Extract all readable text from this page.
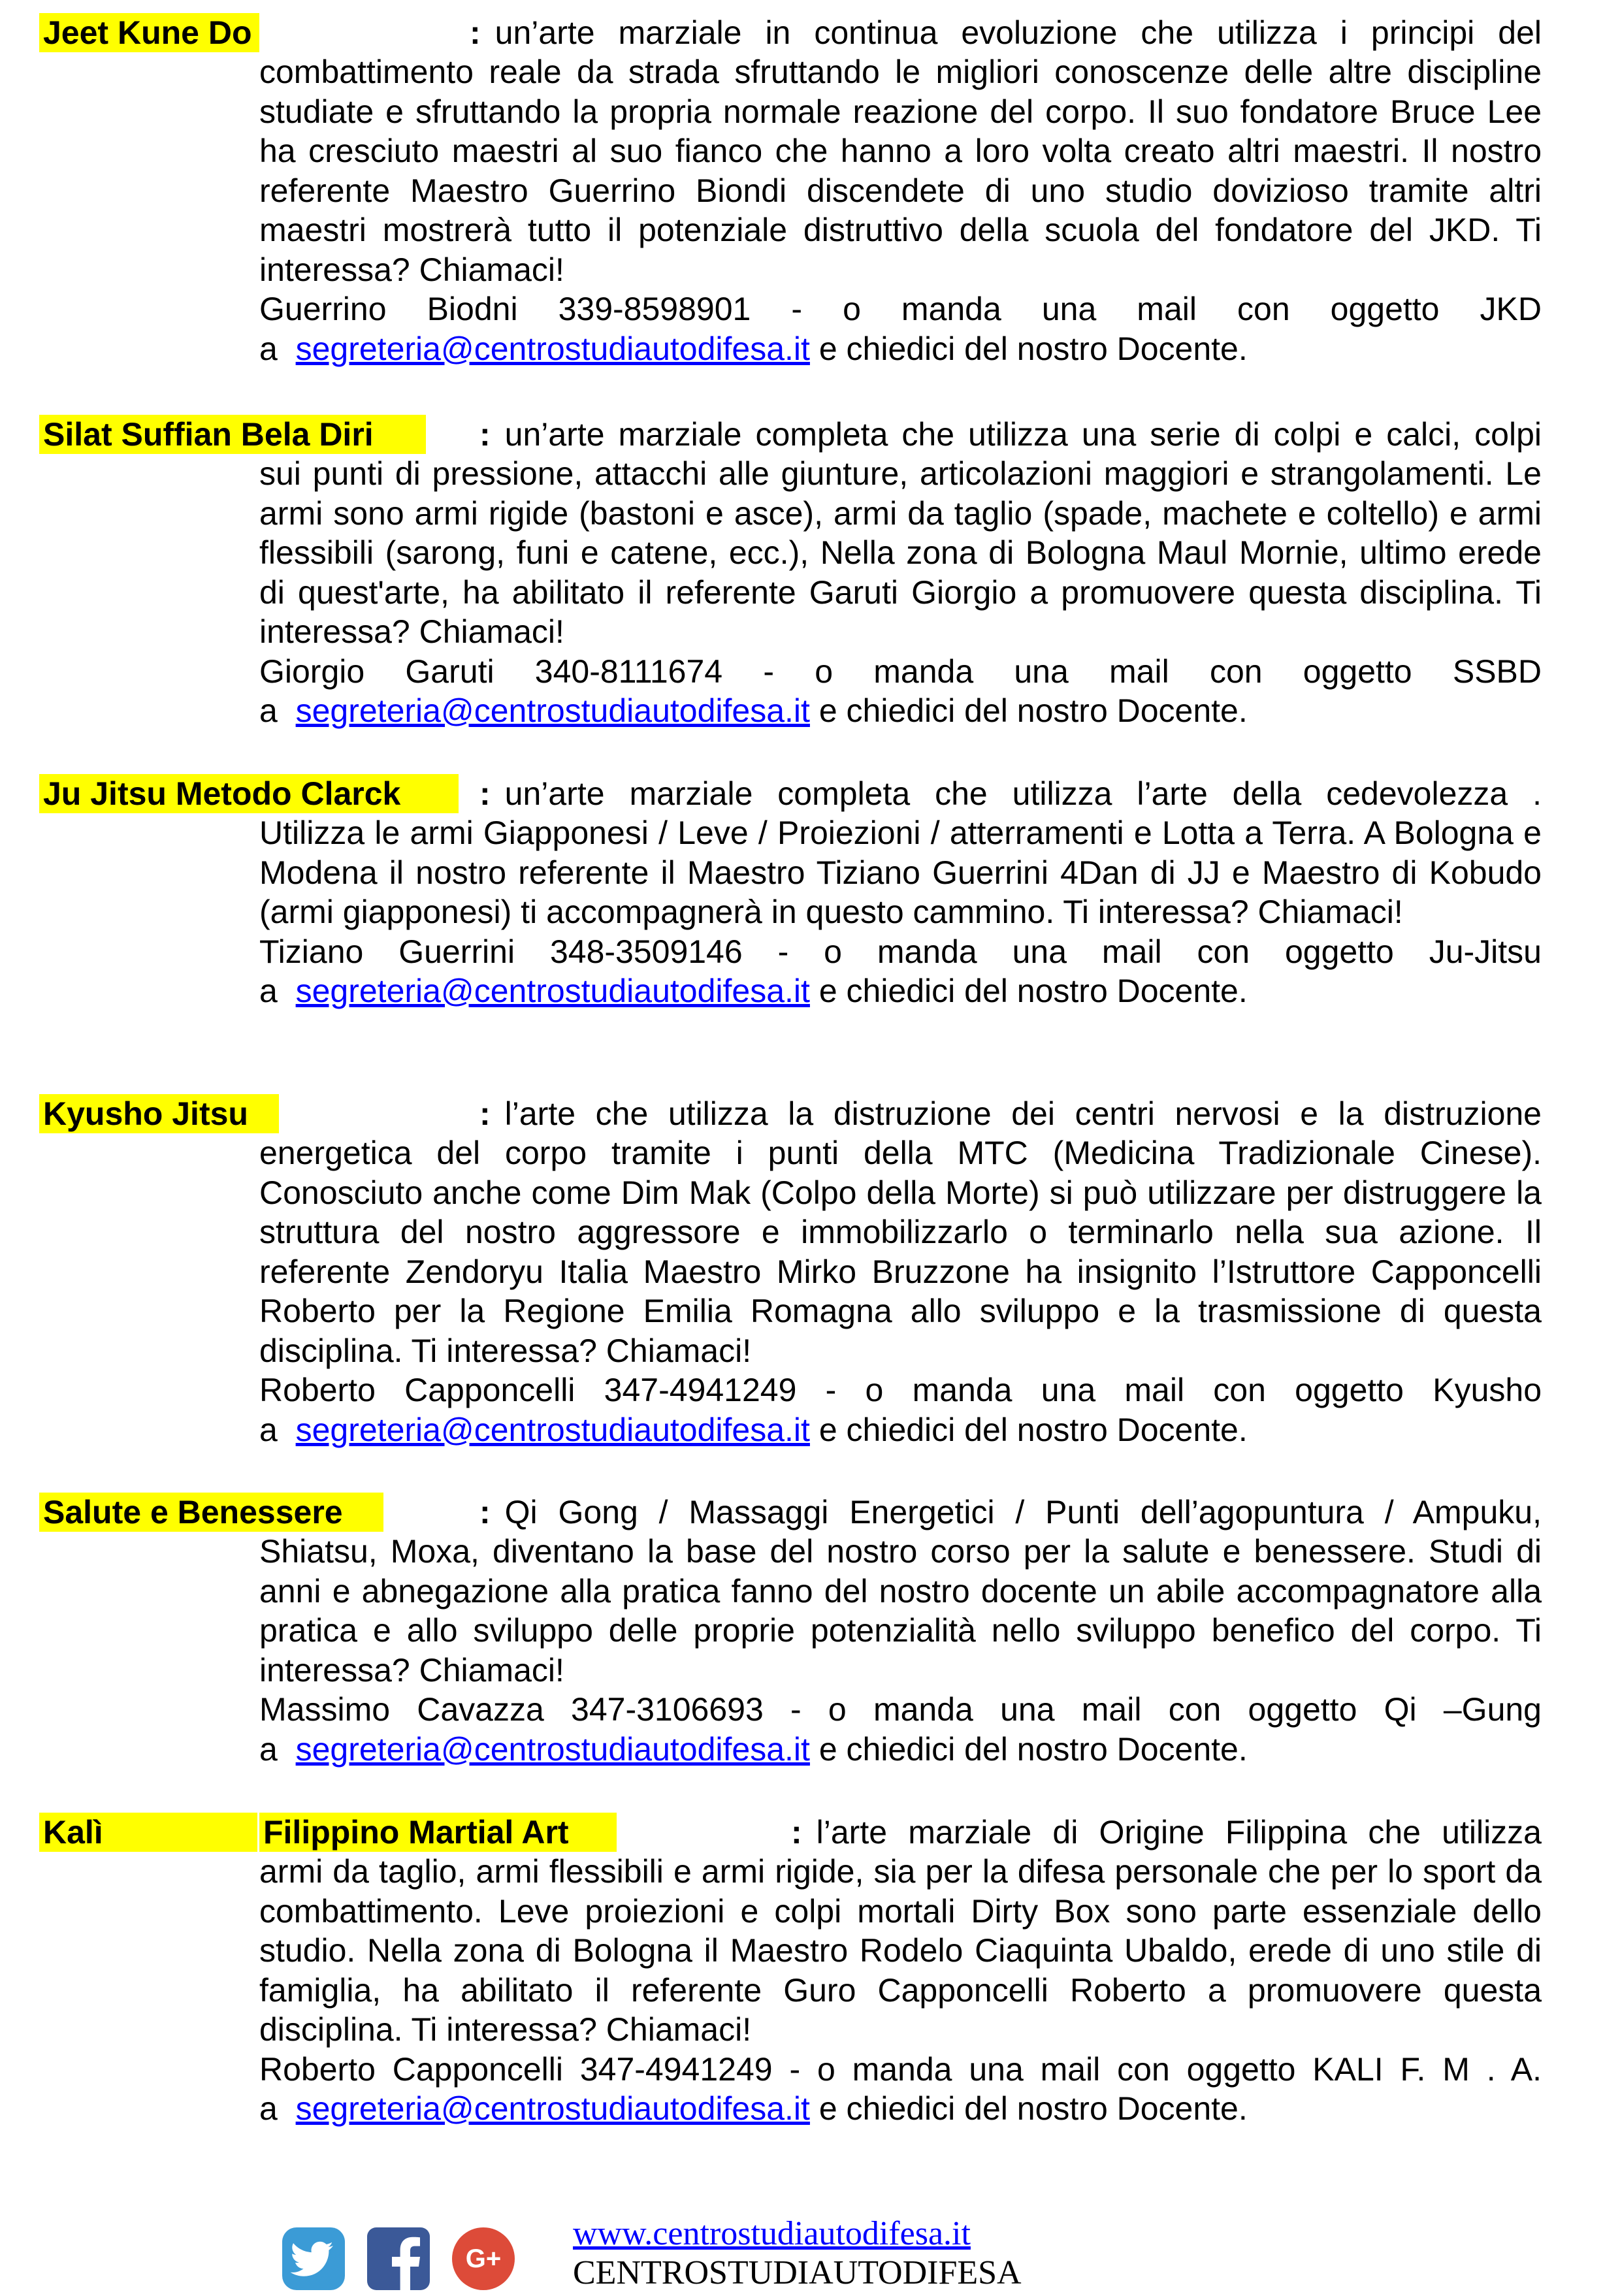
Jeet Kune Do	: un’arte marziale in continua evoluzione che utilizza i principi del
combattimento reale da strada sfruttando le migliori conoscenze delle altre discipline studiate e sfruttando la propria normale reazione del corpo. Il suo fondatore Bruce Lee ha cresciuto maestri al suo fianco che hanno a loro volta creato altri maestri. Il nostro referente Maestro Guerrino Biondi discendete di uno studio dovizioso tramite altri maestri mostrerà tutto il potenziale distruttivo della scuola del fondatore del JKD. Ti interessa? Chiamaci!
Guerrino Biodni 339-8598901 - o manda una mail con oggetto JKD
a segreteria@centrostudiautodifesa.it e chiedici del nostro Docente.
Silat Suffian Bela Diri	: un’arte marziale completa che utilizza una serie di colpi e calci, colpi
sui punti di pressione, attacchi alle giunture, articolazioni maggiori e strangolamenti. Le armi sono armi rigide (bastoni e asce), armi da taglio (spade, machete e coltello) e armi flessibili (sarong, funi e catene, ecc.), Nella zona di Bologna Maul Mornie, ultimo erede di quest'arte, ha abilitato il referente Garuti Giorgio a promuovere questa disciplina. Ti interessa? Chiamaci!
Giorgio Garuti 340-8111674 - o manda una mail con oggetto SSBD
a segreteria@centrostudiautodifesa.it e chiedici del nostro Docente.
Ju Jitsu Metodo Clarck	: un’arte marziale completa che utilizza l’arte della cedevolezza .
Utilizza le armi Giapponesi / Leve / Proiezioni / atterramenti e Lotta a Terra. A Bologna e Modena il nostro referente il Maestro Tiziano Guerrini 4Dan di JJ e Maestro di Kobudo (armi giapponesi) ti accompagnerà in questo cammino. Ti interessa? Chiamaci!
Tiziano Guerrini 348-3509146 - o manda una mail con oggetto Ju-Jitsu
a segreteria@centrostudiautodifesa.it e chiedici del nostro Docente.
Kyusho Jitsu	: l’arte che utilizza la distruzione dei centri nervosi e la distruzione
energetica del corpo tramite i punti della MTC (Medicina Tradizionale Cinese). Conosciuto anche come Dim Mak (Colpo della Morte) si può utilizzare per distruggere la struttura del nostro aggressore e immobilizzarlo o terminarlo nella sua azione. Il referente Zendoryu Italia Maestro Mirko Bruzzone ha insignito l’Istruttore Capponcelli Roberto per la Regione Emilia Romagna allo sviluppo e la trasmissione di questa disciplina. Ti interessa? Chiamaci!
Roberto Capponcelli 347-4941249 - o manda una mail con oggetto Kyusho
a segreteria@centrostudiautodifesa.it e chiedici del nostro Docente.
Salute e Benessere	: Qi Gong / Massaggi Energetici / Punti dell’agopuntura / Ampuku,
Shiatsu, Moxa, diventano la base del nostro corso per la salute e benessere. Studi di anni e abnegazione alla pratica fanno del nostro docente un abile accompagnatore alla pratica e allo sviluppo delle proprie potenzialità nello sviluppo benefico del corpo. Ti interessa? Chiamaci!
Massimo Cavazza 347-3106693 - o manda una mail con oggetto Qi –Gung
a segreteria@centrostudiautodifesa.it e chiedici del nostro Docente.
Kalì	Filippino Martial Art	: l’arte marziale di Origine Filippina che utilizza
armi da taglio, armi flessibili e armi rigide, sia per la difesa personale che per lo sport da combattimento. Leve proiezioni e colpi mortali Dirty Box sono parte essenziale dello studio. Nella zona di Bologna il Maestro Rodelo Ciaquinta Ubaldo, erede di uno stile di famiglia, ha abilitato il referente Guro Capponcelli Roberto a promuovere questa disciplina. Ti interessa? Chiamaci!
Roberto Capponcelli 347-4941249 - o manda una mail con oggetto KALI F. M . A.
a segreteria@centrostudiautodifesa.it e chiedici del nostro Docente.
G+
www.centrostudiautodifesa.it
CENTROSTUDIAUTODIFESA
